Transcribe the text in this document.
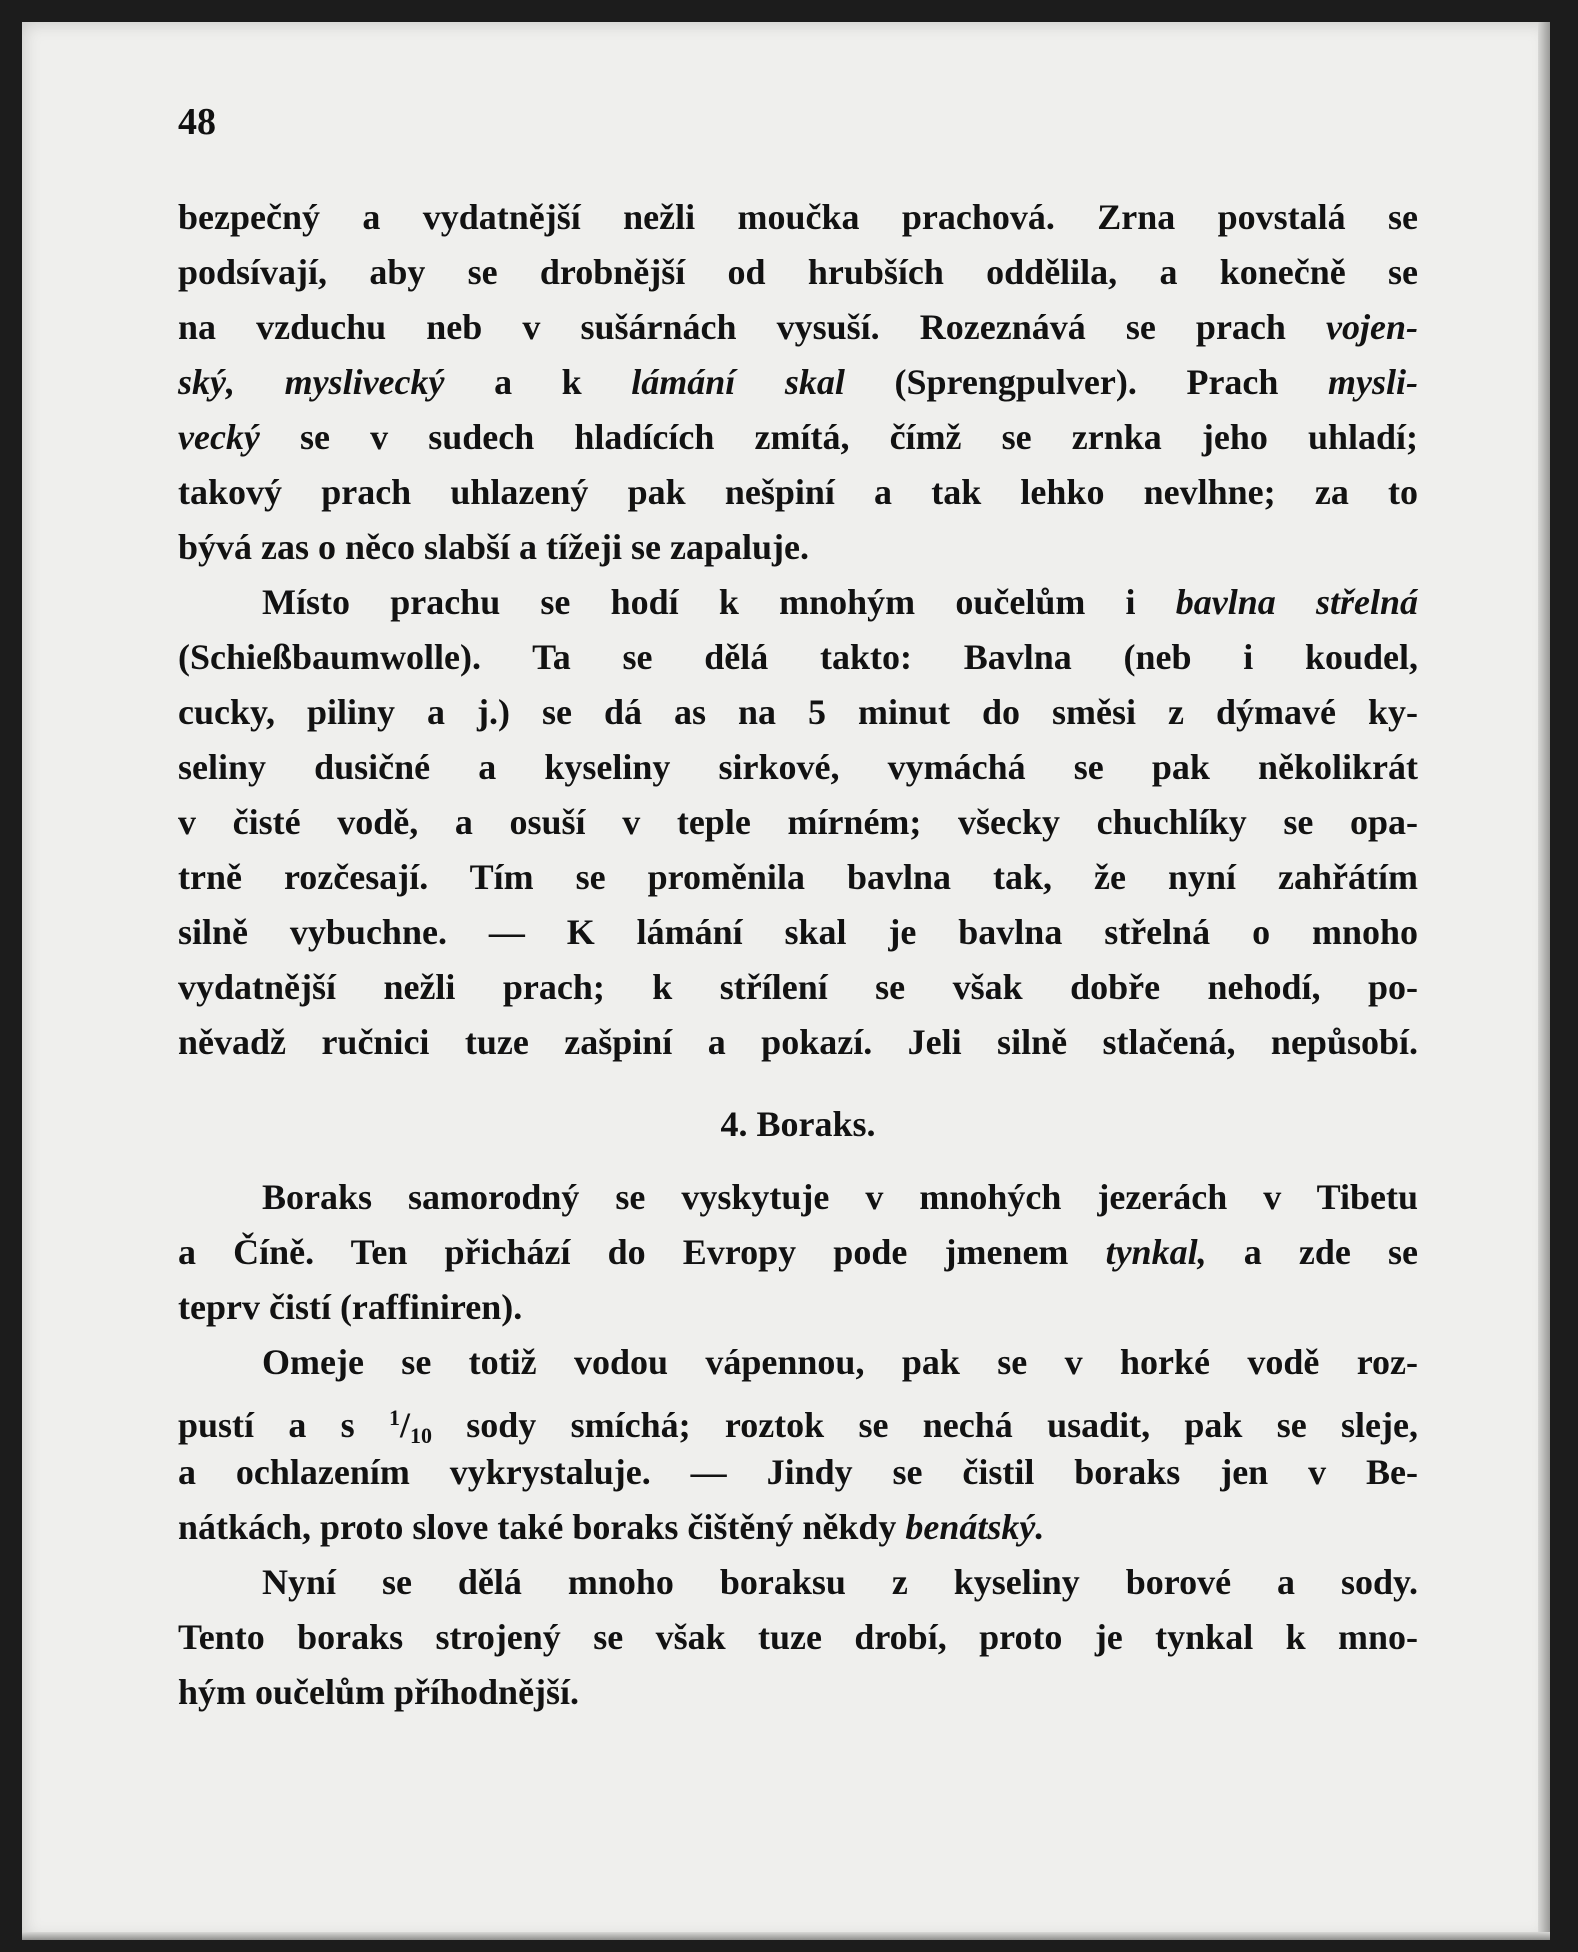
48
bezpečný a vydatnější nežli moučka prachová. Zrna povstalá se
podsívají, aby se drobnější od hrubších oddělila, a konečně se
na vzduchu neb v sušárnách vysuší. Rozeznává se prach vojen-
ský, myslivecký a k lámání skal (Sprengpulver). Prach mysli-
vecký se v sudech hladících zmítá, čímž se zrnka jeho uhladí;
takový prach uhlazený pak nešpiní a tak lehko nevlhne; za to
bývá zas o něco slabší a tížeji se zapaluje.
Místo prachu se hodí k mnohým oučelům i bavlna střelná
(Schießbaumwolle). Ta se dělá takto: Bavlna (neb i koudel,
cucky, piliny a j.) se dá as na 5 minut do směsi z dýmavé ky-
seliny dusičné a kyseliny sirkové, vymáchá se pak několikrát
v čisté vodě, a osuší v teple mírném; všecky chuchlíky se opa-
trně rozčesají. Tím se proměnila bavlna tak, že nyní zahřátím
silně vybuchne. — K lámání skal je bavlna střelná o mnoho
vydatnější nežli prach; k střílení se však dobře nehodí, po-
něvadž ručnici tuze zašpiní a pokazí. Jeli silně stlačená, nepůsobí.
4. Boraks.
Boraks samorodný se vyskytuje v mnohých jezerách v Tibetu
a Číně. Ten přichází do Evropy pode jmenem tynkal, a zde se
teprv čistí (raffiniren).
Omeje se totiž vodou vápennou, pak se v horké vodě roz-
pustí a s $^1/_{10}$ sody smíchá; roztok se nechá usadit, pak se sleje,
a ochlazením vykrystaluje. — Jindy se čistil boraks jen v Be-
nátkách, proto slove také boraks čištěný někdy benátský.
Nyní se dělá mnoho boraksu z kyseliny borové a sody.
Tento boraks strojený se však tuze drobí, proto je tynkal k mno-
hým oučelům příhodnější.
